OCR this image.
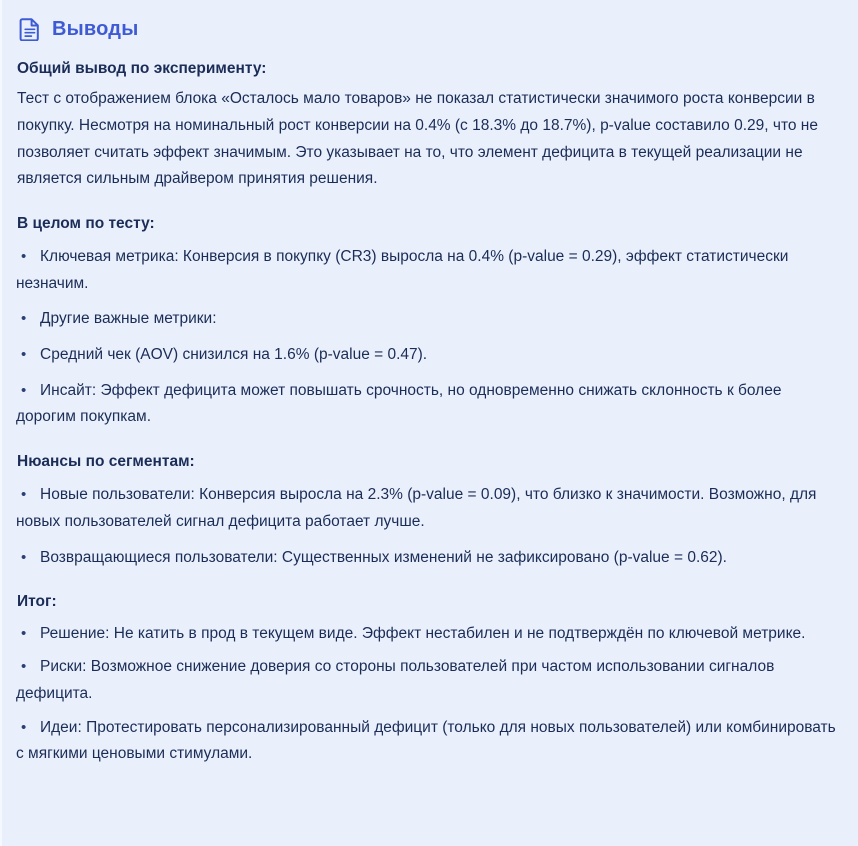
Выводы
Общий вывод по эксперименту:

Тест с отображением блока «Осталось мало товаров» не показал статистически значимого роста конверсии в покупку. Несмотря на номинальный рост конверсии на 0.4% (с 18.3% до 18.7%), p-value составило 0.29, что не позволяет считать эффект значимым. Это указывает на то, что элемент дефицита в текущей реализации не является сильным драйвером принятия решения.

В целом по тесту:
• Ключевая метрика: Конверсия в покупку (CR3) выросла на 0.4% (p-value = 0.29), эффект статистически незначим.
• Другие важные метрики:
• Средний чек (AOV) снизился на 1.6% (p-value = 0.47).
• Инсайт: Эффект дефицита может повышать срочность, но одновременно снижать склонность к более дорогим покупкам.
Нюансы по сегментам:
• Новые пользователи: Конверсия выросла на 2.3% (p-value = 0.09), что близко к значимости. Возможно, для новых пользователей сигнал дефицита работает лучше.
• Возвращающиеся пользователи: Существенных изменений не зафиксировано (p-value = 0.62).
Итог:
• Решение: Не катить в прод в текущем виде. Эффект нестабилен и не подтверждён по ключевой метрике.
• Риски: Возможное снижение доверия со стороны пользователей при частом использовании сигналов дефицита.
• Идеи: Протестировать персонализированный дефицит (только для новых пользователей) или комбинировать с мягкими ценовыми стимулами.
